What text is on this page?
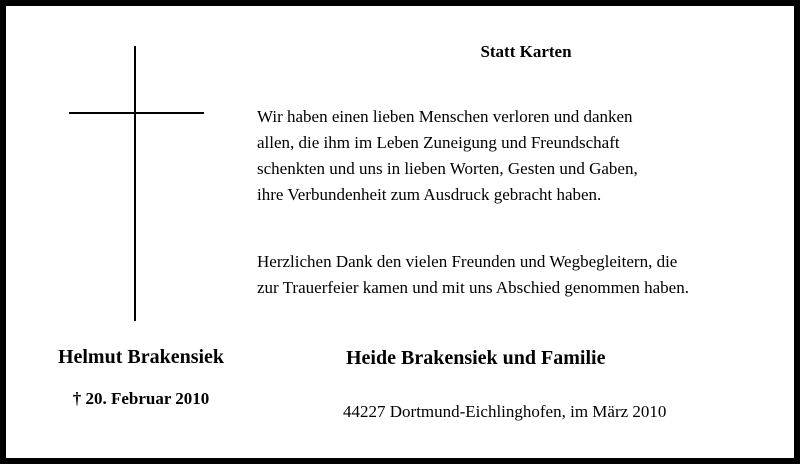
Statt Karten
Wir haben einen lieben Menschen verloren und danken
allen, die ihm im Leben Zuneigung und Freundschaft
schenkten und uns in lieben Worten, Gesten und Gaben,
ihre Verbundenheit zum Ausdruck gebracht haben.
Herzlichen Dank den vielen Freunden und Wegbegleitern, die
zur Trauerfeier kamen und mit uns Abschied genommen haben.
Helmut Brakensiek
† 20. Februar 2010
Heide Brakensiek und Familie
44227 Dortmund-Eichlinghofen, im März 2010
